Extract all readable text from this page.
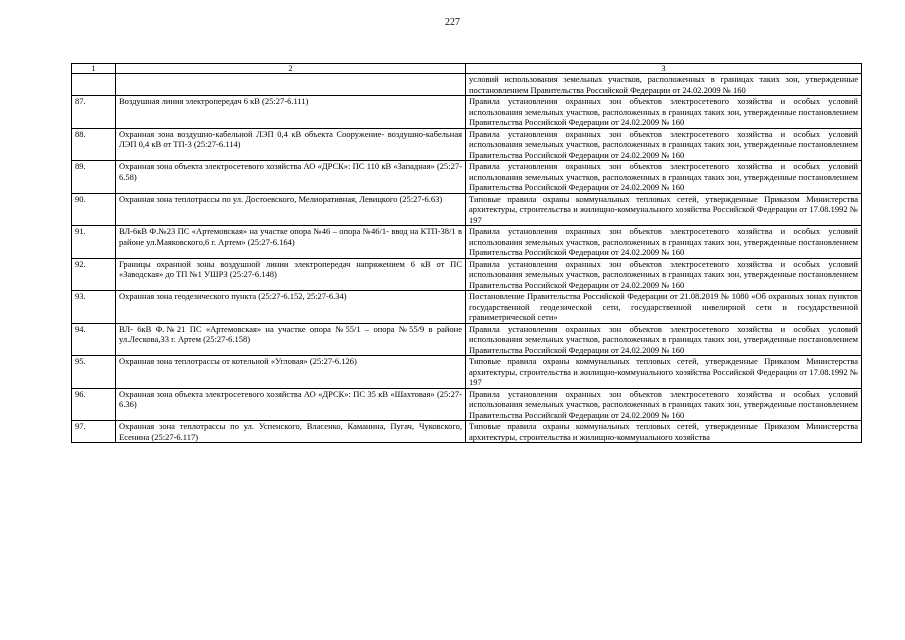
227
1	2	3
		условий использования земельных участков, расположенных в границах таких зон, утвержденные постановлением Правительства Российской Федерации от 24.02.2009 № 160
87.	Воздушная линия электропередач 6 кВ (25:27-6.111)	Правила установления охранных зон объектов электросетевого хозяйства и особых условий использования земельных участков, расположенных в границах таких зон, утвержденные постановлением Правительства Российской Федерации от 24.02.2009 № 160
88.	Охранная зона воздушно-кабельной ЛЭП 0,4 кВ объекта Сооружение- воздушно-кабельная ЛЭП 0,4 кВ от ТП-3 (25:27-6.114)	Правила установления охранных зон объектов электросетевого хозяйства и особых условий использования земельных участков, расположенных в границах таких зон, утвержденные постановлением Правительства Российской Федерации от 24.02.2009 № 160
89.	Охранная зона объекта электросетевого хозяйства АО «ДРСК»: ПС 110 кВ «Западная» (25:27-6.58)	Правила установления охранных зон объектов электросетевого хозяйства и особых условий использования земельных участков, расположенных в границах таких зон, утвержденные постановлением Правительства Российской Федерации от 24.02.2009 № 160
90.	Охранная зона теплотрассы по ул. Достоевского, Мелиоративная, Левицкого (25:27-6.63)	Типовые правила охраны коммунальных тепловых сетей, утвержденные Приказом Министерства архитектуры, строительства и жилищно-коммунального хозяйства Российской Федерации от 17.08.1992 № 197
91.	ВЛ-6кВ Ф.№23 ПС «Артемовская» на участке опора №46 – опора №46/1- ввод на КТП-38/1 в районе ул.Маяковского,6 г. Артем» (25:27-6.164)	Правила установления охранных зон объектов электросетевого хозяйства и особых условий использования земельных участков, расположенных в границах таких зон, утвержденные постановлением Правительства Российской Федерации от 24.02.2009 № 160
92.	Границы охранной зоны воздушной линии электропередач напряжением 6 кВ от ПС «Заводская» до ТП №1 УШРЗ (25:27-6.148)	Правила установления охранных зон объектов электросетевого хозяйства и особых условий использования земельных участков, расположенных в границах таких зон, утвержденные постановлением Правительства Российской Федерации от 24.02.2009 № 160
93.	Охранная зона геодезического пункта (25:27-6.152, 25:27-6.34)	Постановление Правительства Российской Федерации от 21.08.2019 № 1080 «Об охранных зонах пунктов государственной геодезической сети, государственной нивелирной сети и государственной гравиметрической сети»
94.	ВЛ- 6кВ Ф.№21 ПС «Артемовская» на участке опора №55/1 – опора №55/9 в районе ул.Лескова,33 г. Артем (25:27-6.158)	Правила установления охранных зон объектов электросетевого хозяйства и особых условий использования земельных участков, расположенных в границах таких зон, утвержденные постановлением Правительства Российской Федерации от 24.02.2009 № 160
95.	Охранная зона теплотрассы от котельной «Угловая» (25:27-6.126)	Типовые правила охраны коммунальных тепловых сетей, утвержденные Приказом Министерства архитектуры, строительства и жилищно-коммунального хозяйства Российской Федерации от 17.08.1992 № 197
96.	Охранная зона объекта электросетевого хозяйства АО «ДРСК»: ПС 35 кВ «Шахтовая» (25:27-6.36)	Правила установления охранных зон объектов электросетевого хозяйства и особых условий использования земельных участков, расположенных в границах таких зон, утвержденные постановлением Правительства Российской Федерации от 24.02.2009 № 160
97.	Охранная зона теплотрассы по ул. Успенского, Власенко, Каманина, Пугач, Чуковского, Есенина (25:27-6.117)	Типовые правила охраны коммунальных тепловых сетей, утвержденные Приказом Министерства архитектуры, строительства и жилищно-коммунального хозяйства
